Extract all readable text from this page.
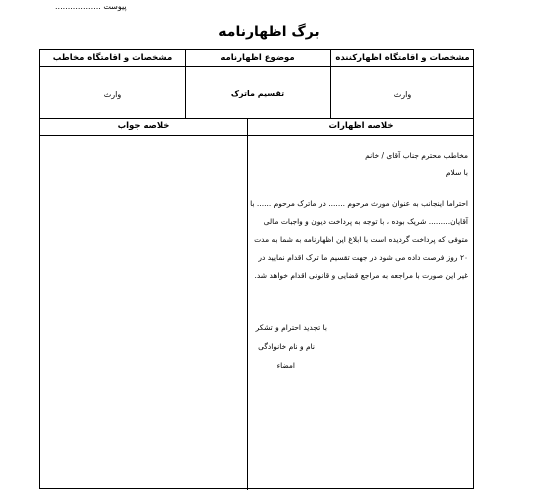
پیوست ..................
برگ اظهارنامه
مشخصات و اقامتگاه اظهارکننده
موضوع اظهارنامه
مشخصات و اقامتگاه مخاطب
وارث
تقسیم ماترک
وارث
خلاصه اظهارات
خلاصه جواب
مخاطب محترم جناب آقای / خانم
با سلام
احتراما اینجانب به عنوان مورث مرحوم ....... در ماترک مرحوم ...... با
آقایان......... شریک بوده ، با توجه به پرداخت دیون و واجبات مالی
متوفی که پرداخت گردیده است با ابلاغ این اظهارنامه به شما به مدت
۲۰ روز فرصت داده می شود در جهت تقسیم ما ترک اقدام نمایید در
غیر این صورت با مراجعه به مراجع قضایی و قانونی اقدام خواهد شد.
با تجدید احترام و تشکر
نام و نام خانوادگی
امضاء
